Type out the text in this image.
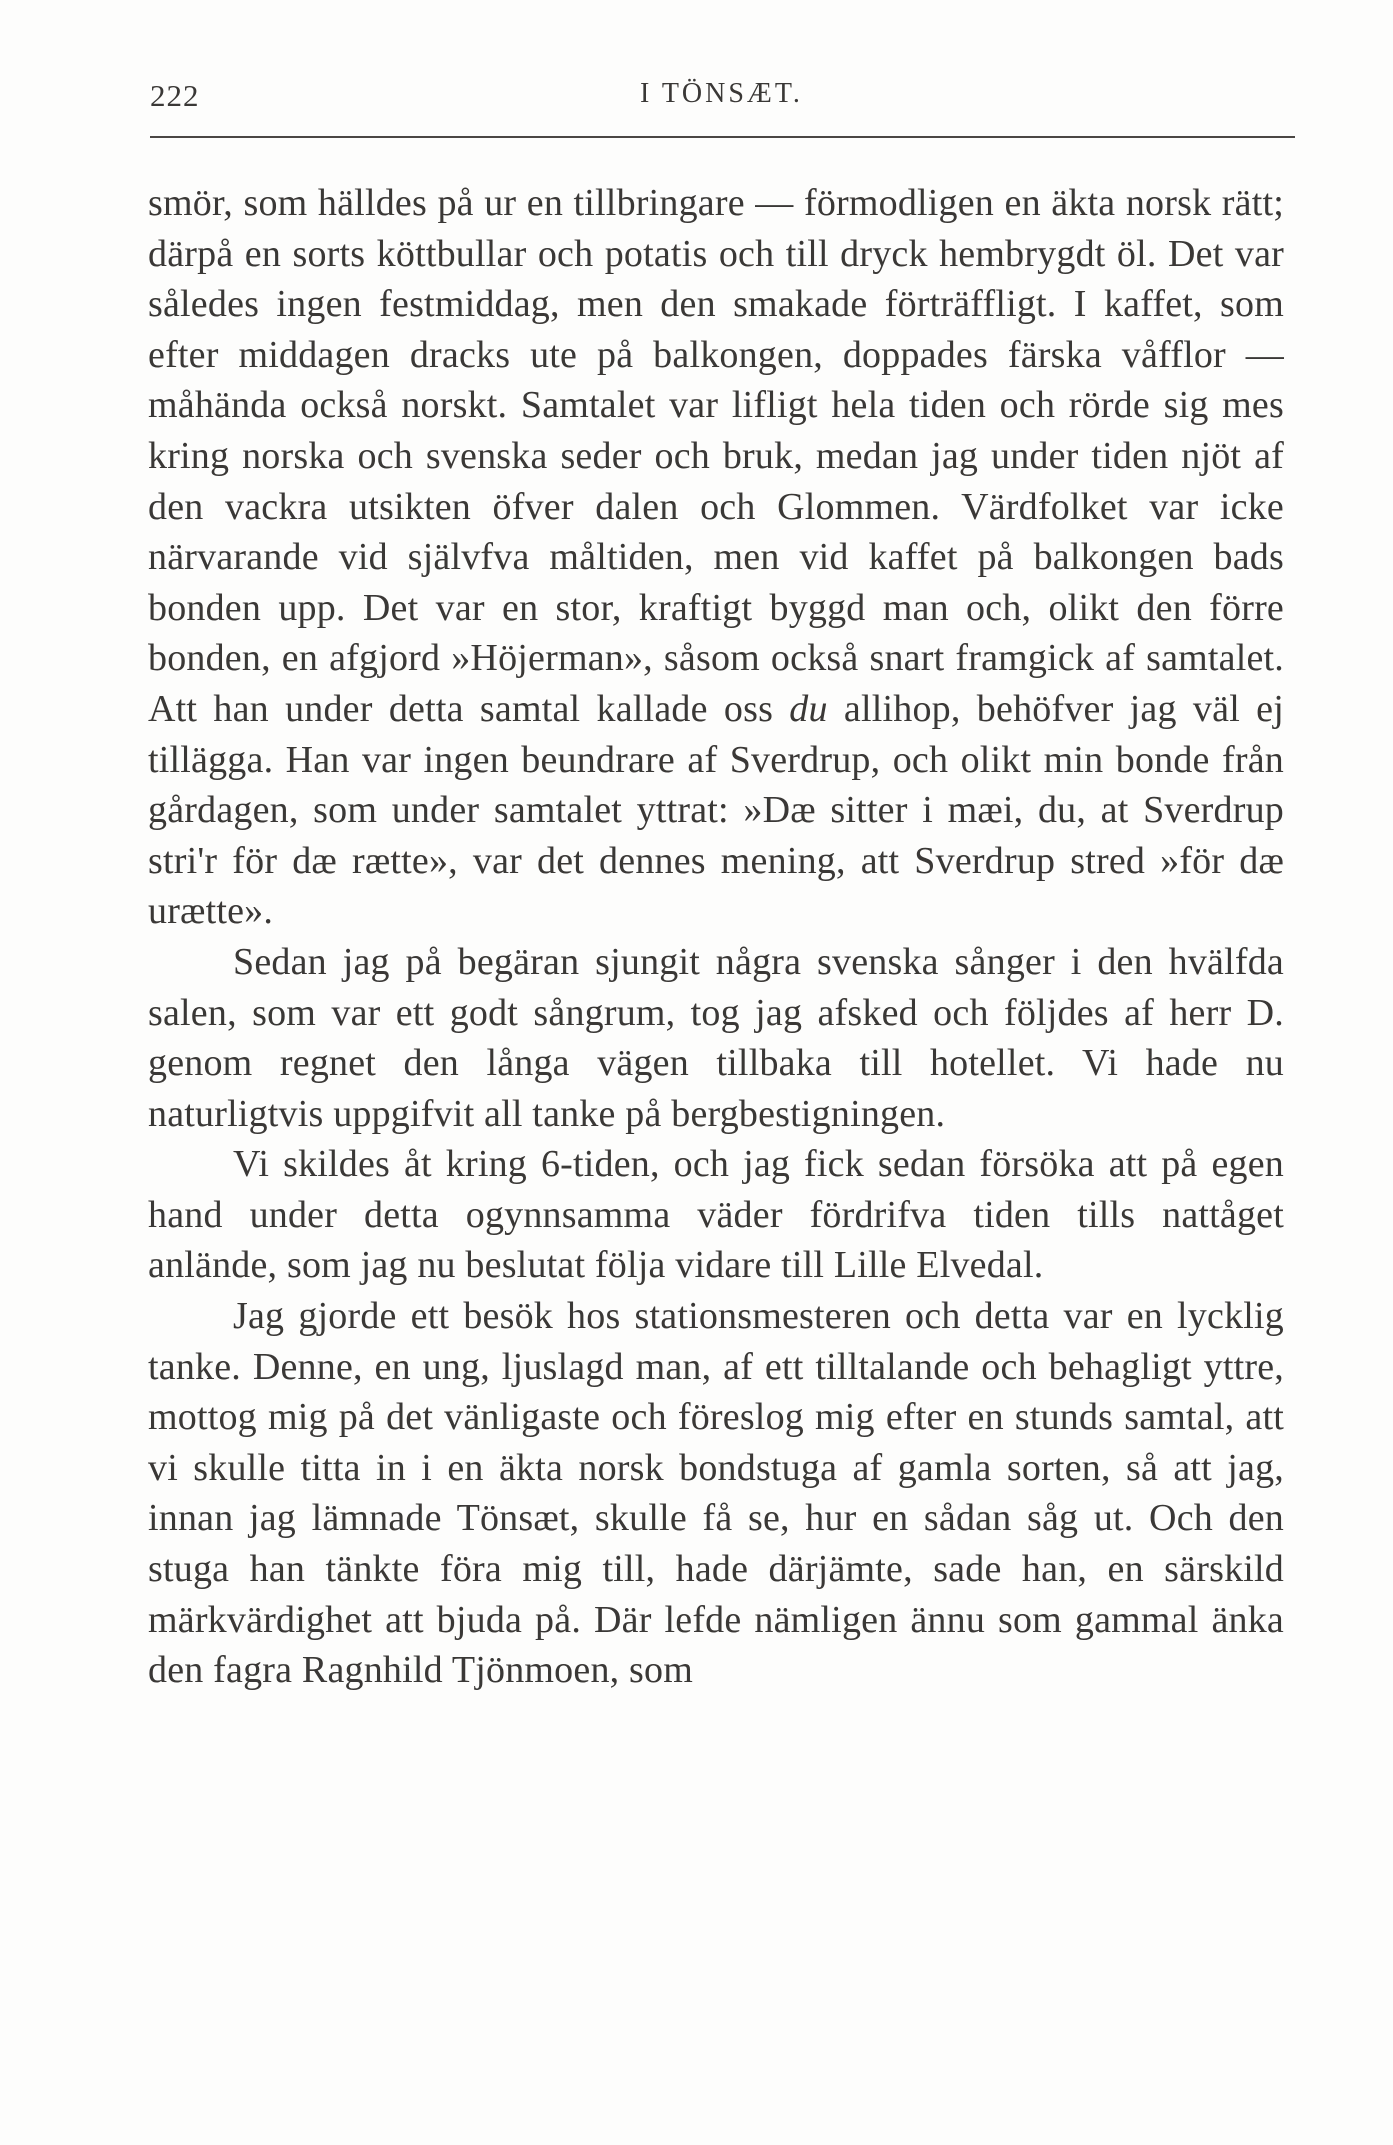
222	I TÖNSÆT.

smör, som hälldes på ur en tillbringare — förmodligen en äkta norsk rätt; därpå en sorts köttbullar och potatis och till dryck hembrygdt öl. Det var således ingen festmiddag, men den smakade förträffligt. I kaffet, som efter middagen dracks ute på balkongen, doppades färska våfflor — måhända också norskt. Samtalet var lifligt hela tiden och rörde sig mes kring norska och svenska seder och bruk, medan jag under tiden njöt af den vackra utsikten öfver dalen och Glommen. Värdfolket var icke närvarande vid självfva måltiden, men vid kaffet på balkongen bads bonden upp. Det var en stor, kraftigt byggd man och, olikt den förre bonden, en afgjord »Höjerman», såsom också snart framgick af samtalet. Att han under detta samtal kallade oss du allihop, behöfver jag väl ej tillägga. Han var ingen beundrare af Sverdrup, och olikt min bonde från gårdagen, som under samtalet yttrat: »Dæ sitter i mæi, du, at Sverdrup stri'r för dæ rætte», var det dennes mening, att Sverdrup stred »för dæ urætte».

Sedan jag på begäran sjungit några svenska sånger i den hvälfda salen, som var ett godt sångrum, tog jag afsked och följdes af herr D. genom regnet den långa vägen tillbaka till hotellet. Vi hade nu naturligtvis uppgifvit all tanke på bergbestigningen.

Vi skildes åt kring 6-tiden, och jag fick sedan försöka att på egen hand under detta ogynnsamma väder fördrifva tiden tills nattåget anlände, som jag nu beslutat följa vidare till Lille Elvedal.

Jag gjorde ett besök hos stationsmesteren och detta var en lycklig tanke. Denne, en ung, ljuslagd man, af ett tilltalande och behagligt yttre, mottog mig på det vänligaste och föreslog mig efter en stunds samtal, att vi skulle titta in i en äkta norsk bondstuga af gamla sorten, så att jag, innan jag lämnade Tönsæt, skulle få se, hur en sådan såg ut. Och den stuga han tänkte föra mig till, hade därjämte, sade han, en särskild märkvärdighet att bjuda på. Där lefde nämligen ännu som gammal änka den fagra Ragnhild Tjönmoen, som
